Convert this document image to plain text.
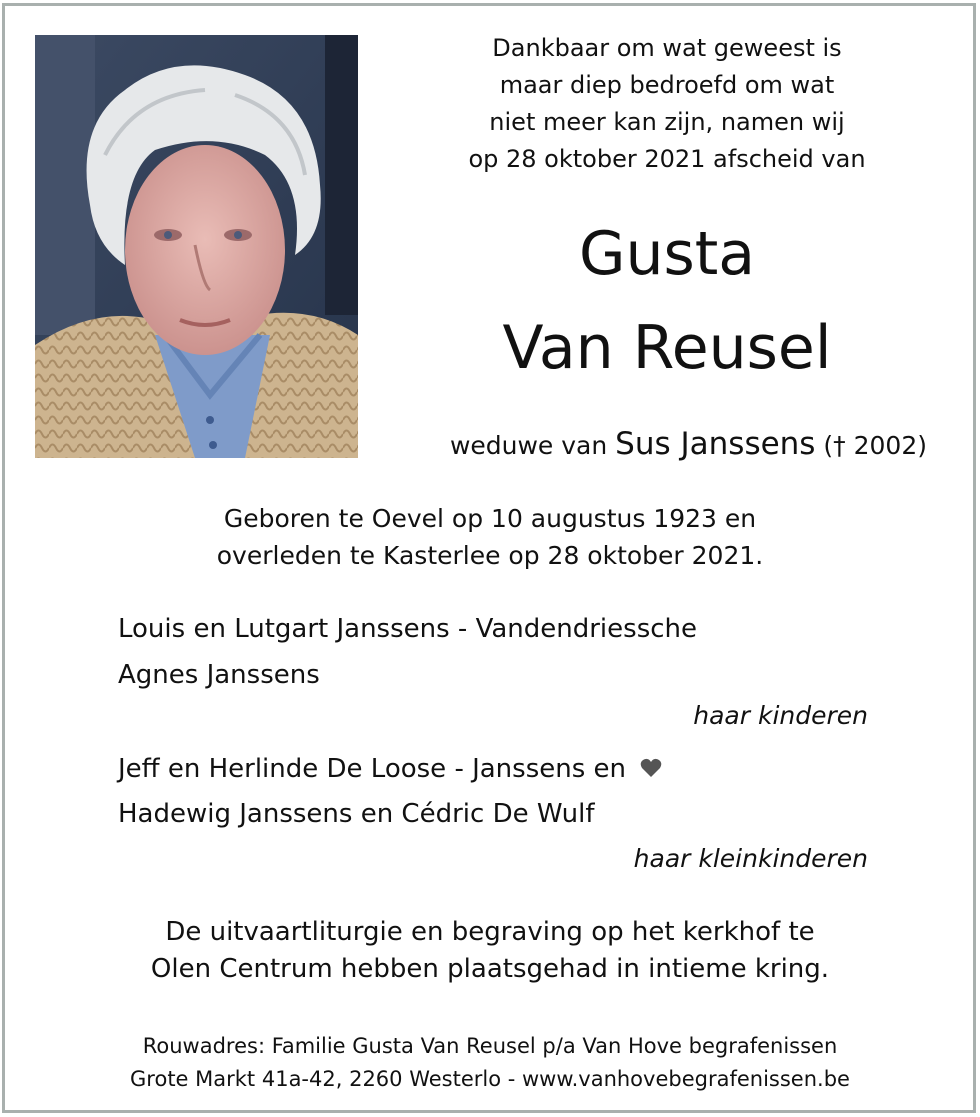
Dankbaar om wat geweest is
maar diep bedroefd om wat
niet meer kan zijn, namen wij
op 28 oktober 2021 afscheid van
Gusta
Van Reusel
weduwe van Sus Janssens († 2002)
Geboren te Oevel op 10 augustus 1923 en
overleden te Kasterlee op 28 oktober 2021.
Louis en Lutgart Janssens - Vandendriessche
Agnes Janssens
haar kinderen
Jeff en Herlinde De Loose - Janssens en
Hadewig Janssens en Cédric De Wulf
haar kleinkinderen
De uitvaartliturgie en begraving op het kerkhof te
Olen Centrum hebben plaatsgehad in intieme kring.
Rouwadres: Familie Gusta Van Reusel p/a Van Hove begrafenissen
Grote Markt 41a-42, 2260 Westerlo - www.vanhovebegrafenissen.be
